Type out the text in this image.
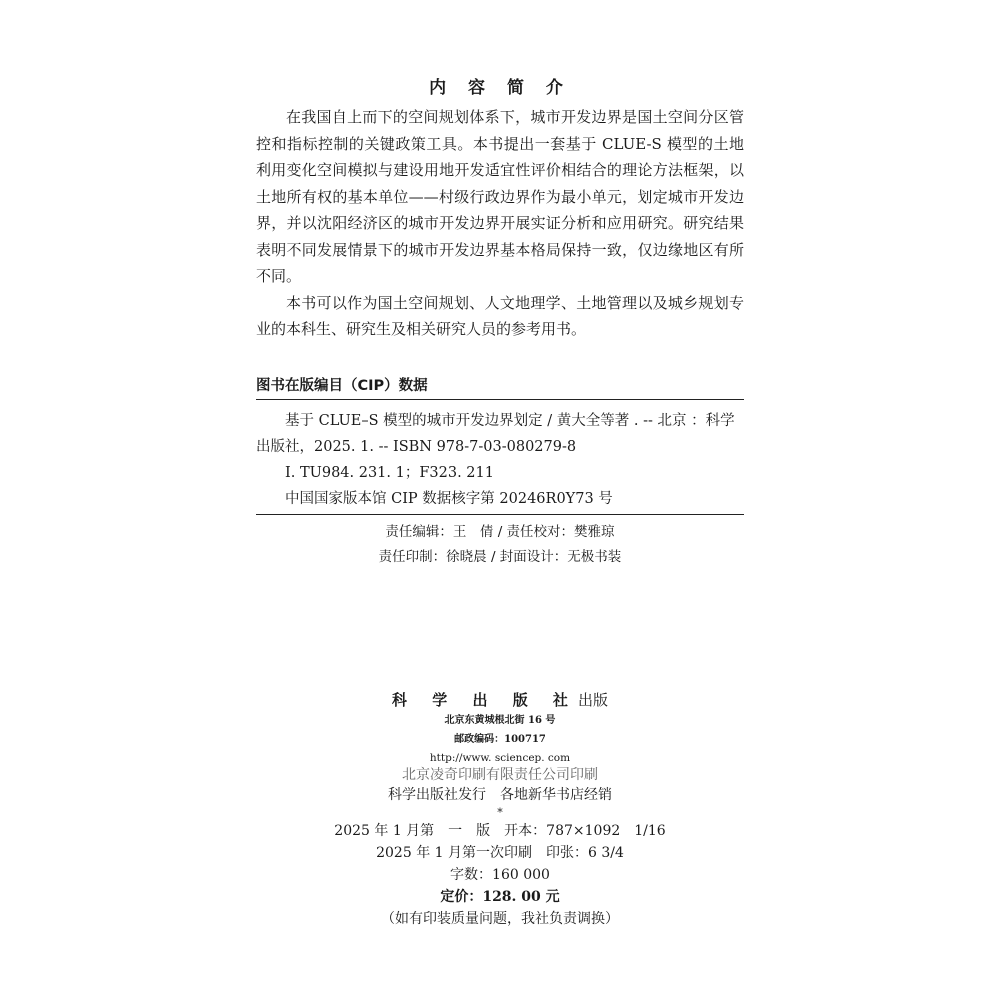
内 容 简 介

在我国自上而下的空间规划体系下，城市开发边界是国土空间分区管控和指标控制的关键政策工具。本书提出一套基于 CLUE-S 模型的土地利用变化空间模拟与建设用地开发适宜性评价相结合的理论方法框架，以土地所有权的基本单位——村级行政边界作为最小单元，划定城市开发边界，并以沈阳经济区的城市开发边界开展实证分析和应用研究。研究结果表明不同发展情景下的城市开发边界基本格局保持一致，仅边缘地区有所不同。

本书可以作为国土空间规划、人文地理学、土地管理以及城乡规划专业的本科生、研究生及相关研究人员的参考用书。

图书在版编目（CIP）数据
基于 CLUE–S 模型的城市开发边界划定 / 黄大全等著 . -- 北京 ：科学
出版社，2025. 1. -- ISBN 978-7-03-080279-8
Ⅰ. TU984. 231. 1；F323. 211
中国国家版本馆 CIP 数据核字第 20246R0Y73 号
责任编辑：王　倩 / 责任校对：樊雅琼
责任印制：徐晓晨 / 封面设计：无极书装
科 学 出 版 社出版
北京东黄城根北街 16 号
邮政编码：100717
http://www. sciencep. com
北京凌奇印刷有限责任公司印刷
科学出版社发行　各地新华书店经销
*
2025 年 1 月第　一　版　开本：787×1092　1/16
2025 年 1 月第一次印刷　印张：6 3/4
字数：160 000
定价：128. 00 元
（如有印装质量问题，我社负责调换）
